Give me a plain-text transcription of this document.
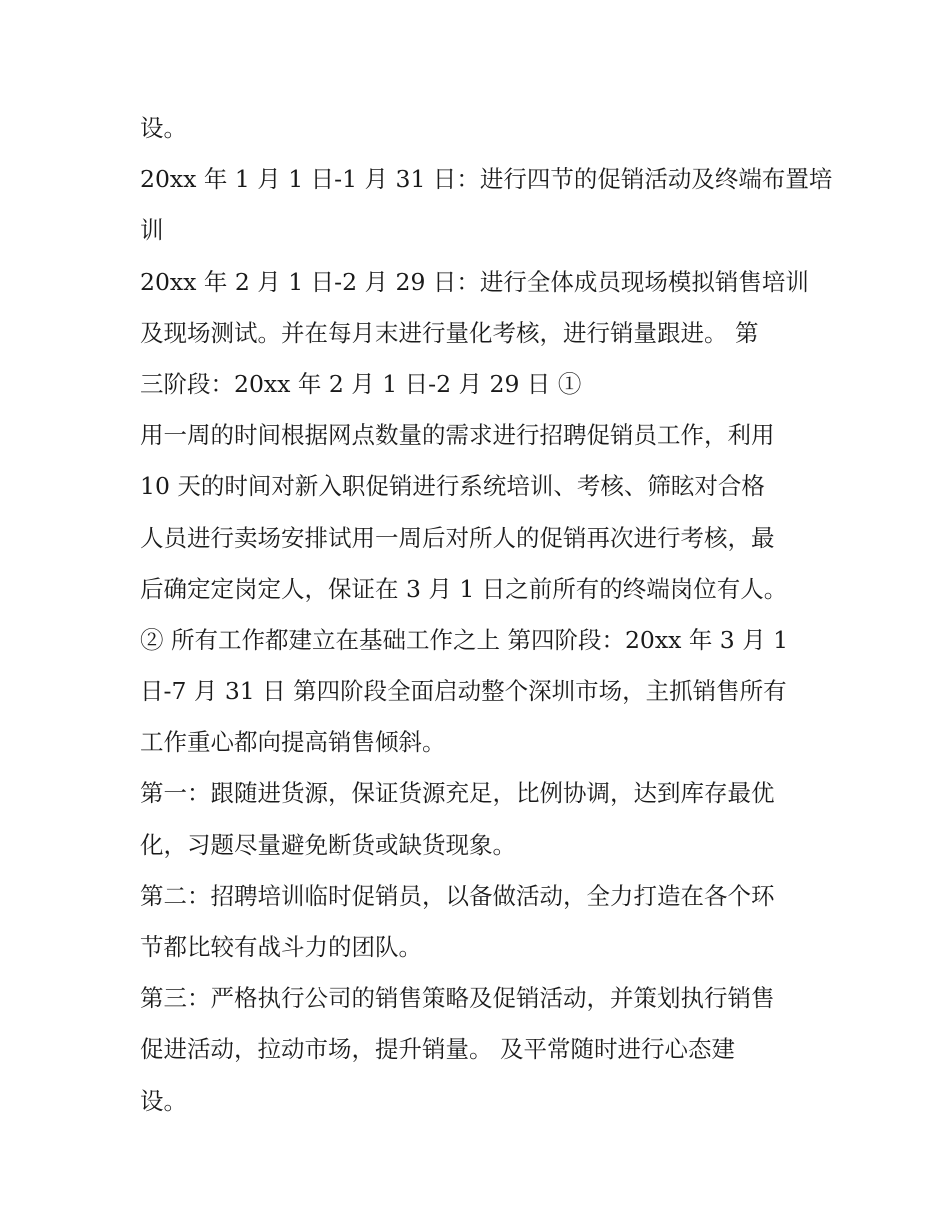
设。
20xx 年 1 月 1 日-1 月 31 日：进行四节的促销活动及终端布置培
训
20xx 年 2 月 1 日-2 月 29 日：进行全体成员现场模拟销售培训
及现场测试。并在每月末进行量化考核，进行销量跟进。 第
三阶段：20xx 年 2 月 1 日-2 月 29 日 ①
用一周的时间根据网点数量的需求进行招聘促销员工作，利用
10 天的时间对新入职促销进行系统培训、考核、筛眩对合格
人员进行卖场安排试用一周后对所人的促销再次进行考核，最
后确定定岗定人，保证在 3 月 1 日之前所有的终端岗位有人。
② 所有工作都建立在基础工作之上 第四阶段：20xx 年 3 月 1
日-7 月 31 日 第四阶段全面启动整个深圳市场，主抓销售所有
工作重心都向提高销售倾斜。
第一：跟随进货源，保证货源充足，比例协调，达到库存最优
化，习题尽量避免断货或缺货现象。
第二：招聘培训临时促销员，以备做活动，全力打造在各个环
节都比较有战斗力的团队。
第三：严格执行公司的销售策略及促销活动，并策划执行销售
促进活动，拉动市场，提升销量。 及平常随时进行心态建
设。
